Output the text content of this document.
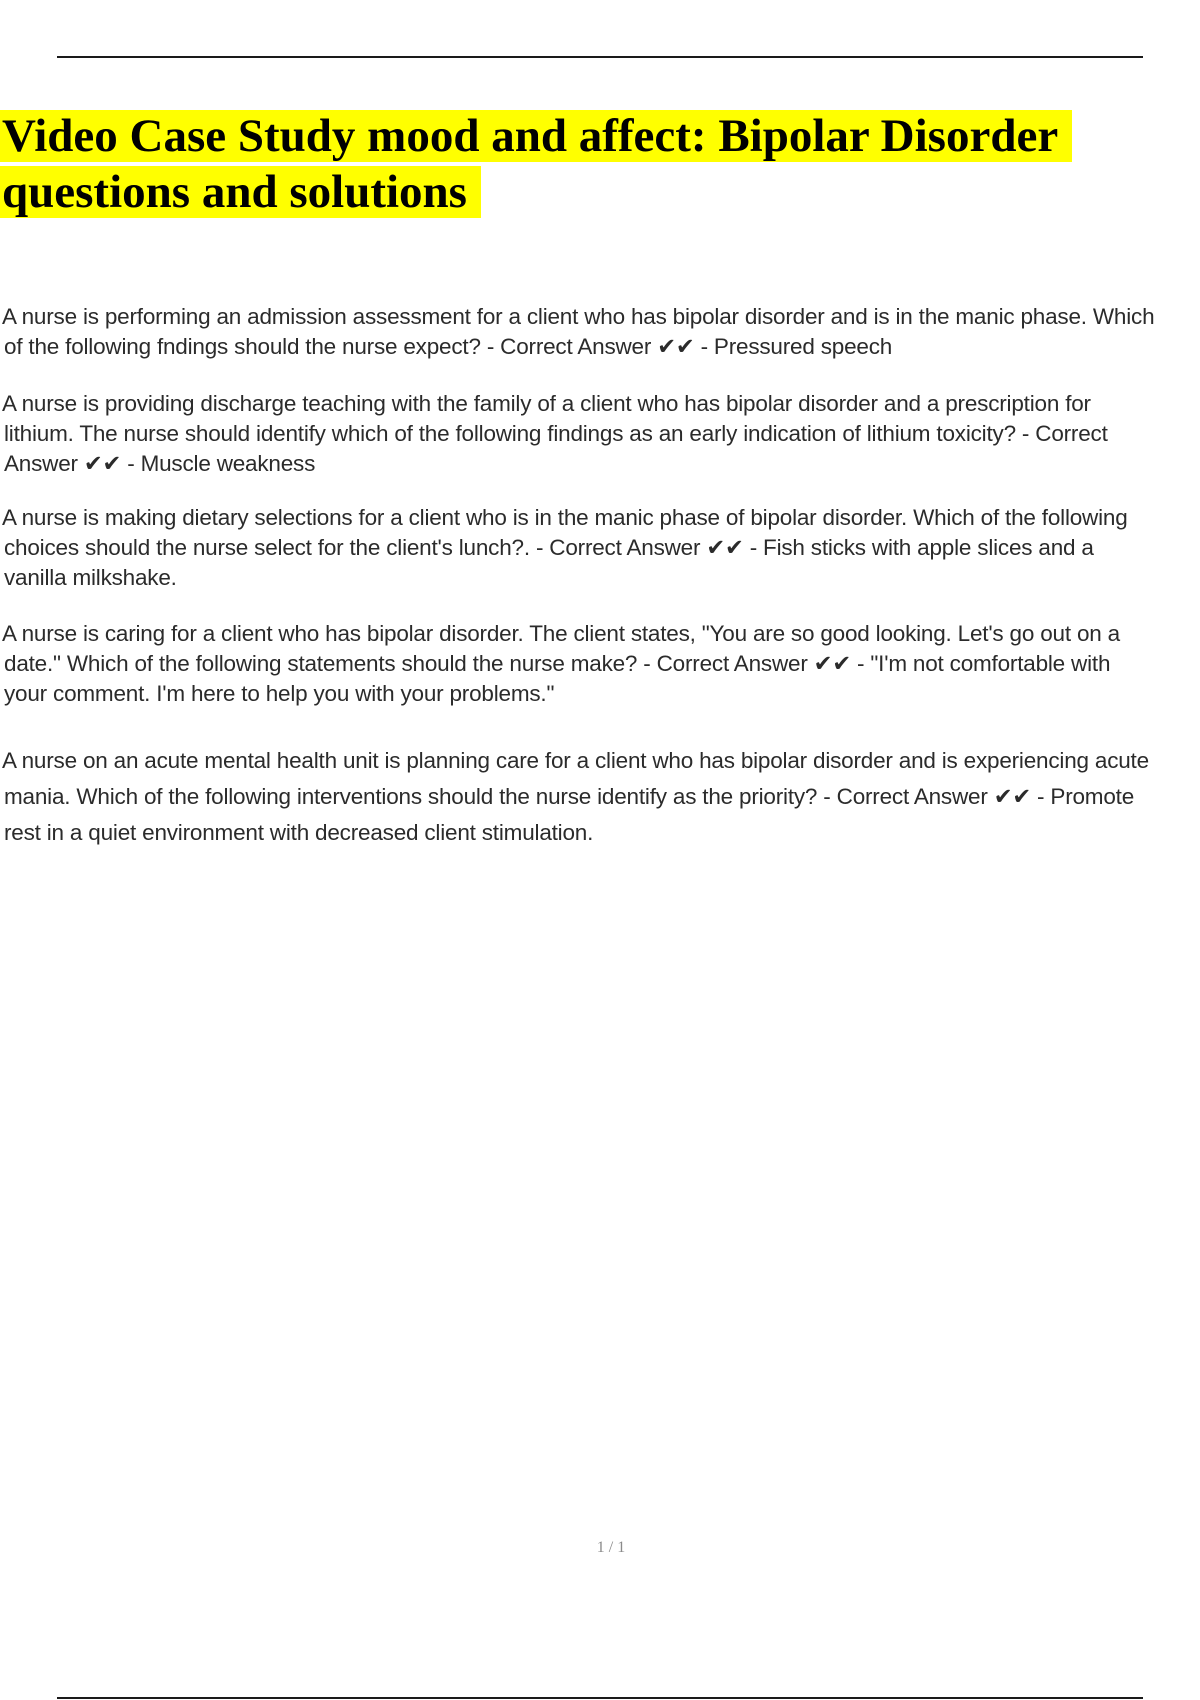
Video Case Study mood and affect: Bipolar Disorder
questions and solutions
A nurse is performing an admission assessment for a client who has bipolar disorder and is in the manic phase. Which
of the following fndings should the nurse expect? - Correct Answer ✔✔ - Pressured speech
A nurse is providing discharge teaching with the family of a client who has bipolar disorder and a prescription for
lithium. The nurse should identify which of the following findings as an early indication of lithium toxicity? - Correct
Answer ✔✔ - Muscle weakness
A nurse is making dietary selections for a client who is in the manic phase of bipolar disorder. Which of the following
choices should the nurse select for the client's lunch?. - Correct Answer ✔✔ - Fish sticks with apple slices and a
vanilla milkshake.
A nurse is caring for a client who has bipolar disorder. The client states, "You are so good looking. Let's go out on a
date." Which of the following statements should the nurse make? - Correct Answer ✔✔ - "I'm not comfortable with
your comment. I'm here to help you with your problems."
A nurse on an acute mental health unit is planning care for a client who has bipolar disorder and is experiencing acute
mania. Which of the following interventions should the nurse identify as the priority? - Correct Answer ✔✔ - Promote
rest in a quiet environment with decreased client stimulation.
1 / 1
